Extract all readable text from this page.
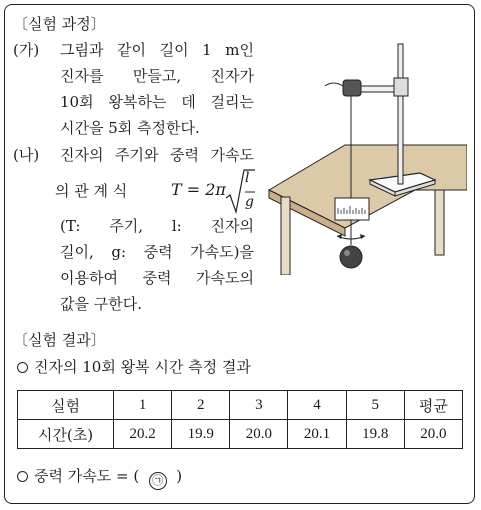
〔실험 과정〕
(가) 그림과 같이 길이 1 m인
진자를 만들고, 진자가
10회 왕복하는 데 걸리는
시간을 5회 측정한다.
(나) 진자의 주기와 중력 가속도
의 관 계 식	T = 2π
l
g
(T: 주기, l: 진자의
길이, g: 중력 가속도)을
이용하여 중력 가속도의
값을 구한다.
〔실험 결과〕
진자의 10회 왕복 시간 측정 결과
실험	1	2	3	4	5	평균
시간(초)	20.2	19.9	20.0	20.1	19.8	20.0
중력 가속도 = ( ㉠ )
